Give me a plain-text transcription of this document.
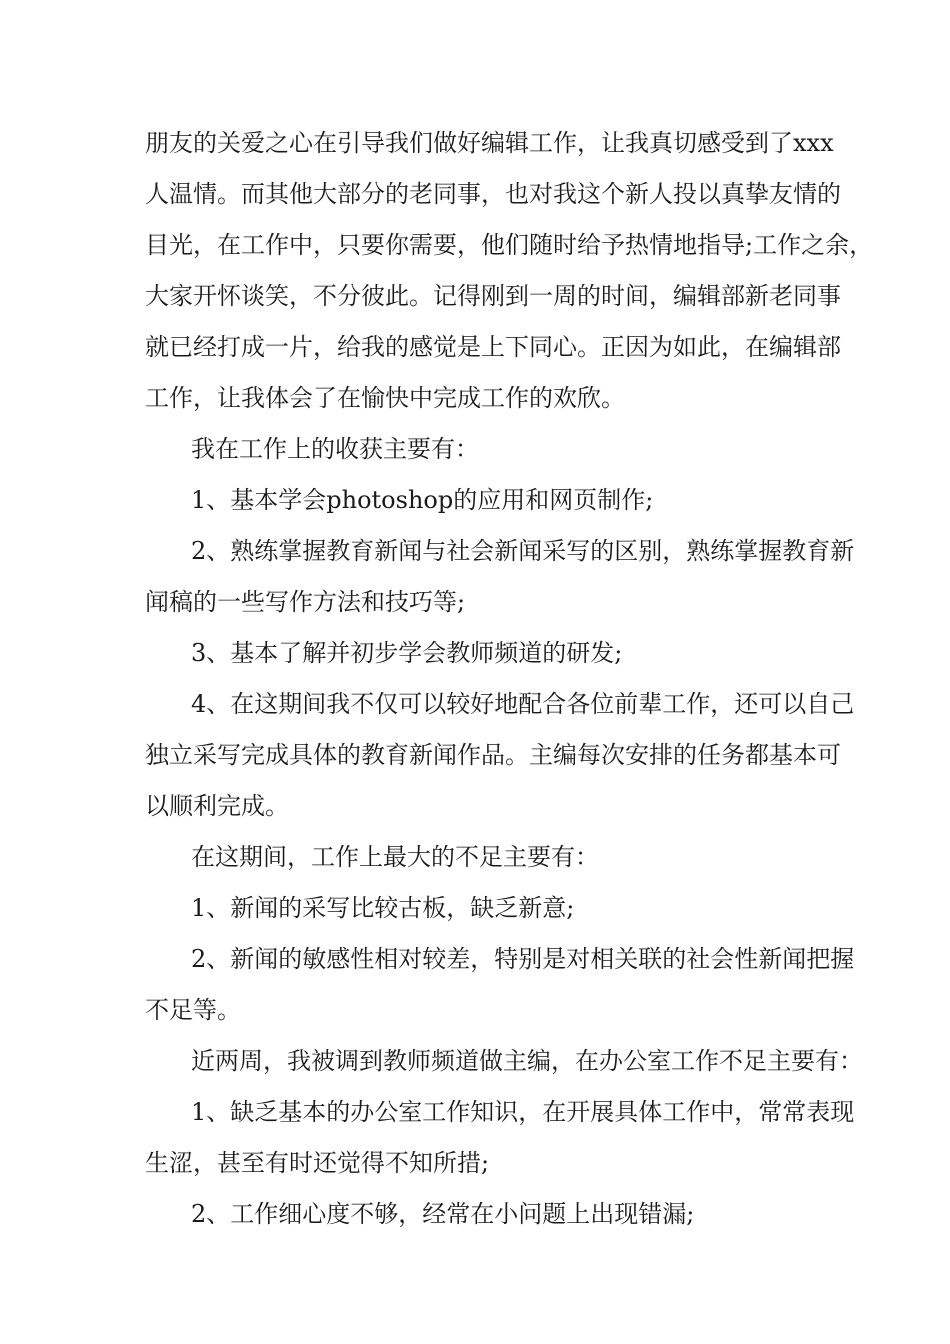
朋友的关爱之心在引导我们做好编辑工作，让我真切感受到了xxx
人温情。而其他大部分的老同事，也对我这个新人投以真挚友情的
目光，在工作中，只要你需要，他们随时给予热情地指导;工作之余，
大家开怀谈笑，不分彼此。记得刚到一周的时间，编辑部新老同事
就已经打成一片，给我的感觉是上下同心。正因为如此，在编辑部
工作，让我体会了在愉快中完成工作的欢欣。
我在工作上的收获主要有：
1、基本学会photoshop的应用和网页制作;
2、熟练掌握教育新闻与社会新闻采写的区别，熟练掌握教育新
闻稿的一些写作方法和技巧等;
3、基本了解并初步学会教师频道的研发;
4、在这期间我不仅可以较好地配合各位前辈工作，还可以自己
独立采写完成具体的教育新闻作品。主编每次安排的任务都基本可
以顺利完成。
在这期间，工作上最大的不足主要有：
1、新闻的采写比较古板，缺乏新意;
2、新闻的敏感性相对较差，特别是对相关联的社会性新闻把握
不足等。
近两周，我被调到教师频道做主编，在办公室工作不足主要有：
1、缺乏基本的办公室工作知识，在开展具体工作中，常常表现
生涩，甚至有时还觉得不知所措;
2、工作细心度不够，经常在小问题上出现错漏;
